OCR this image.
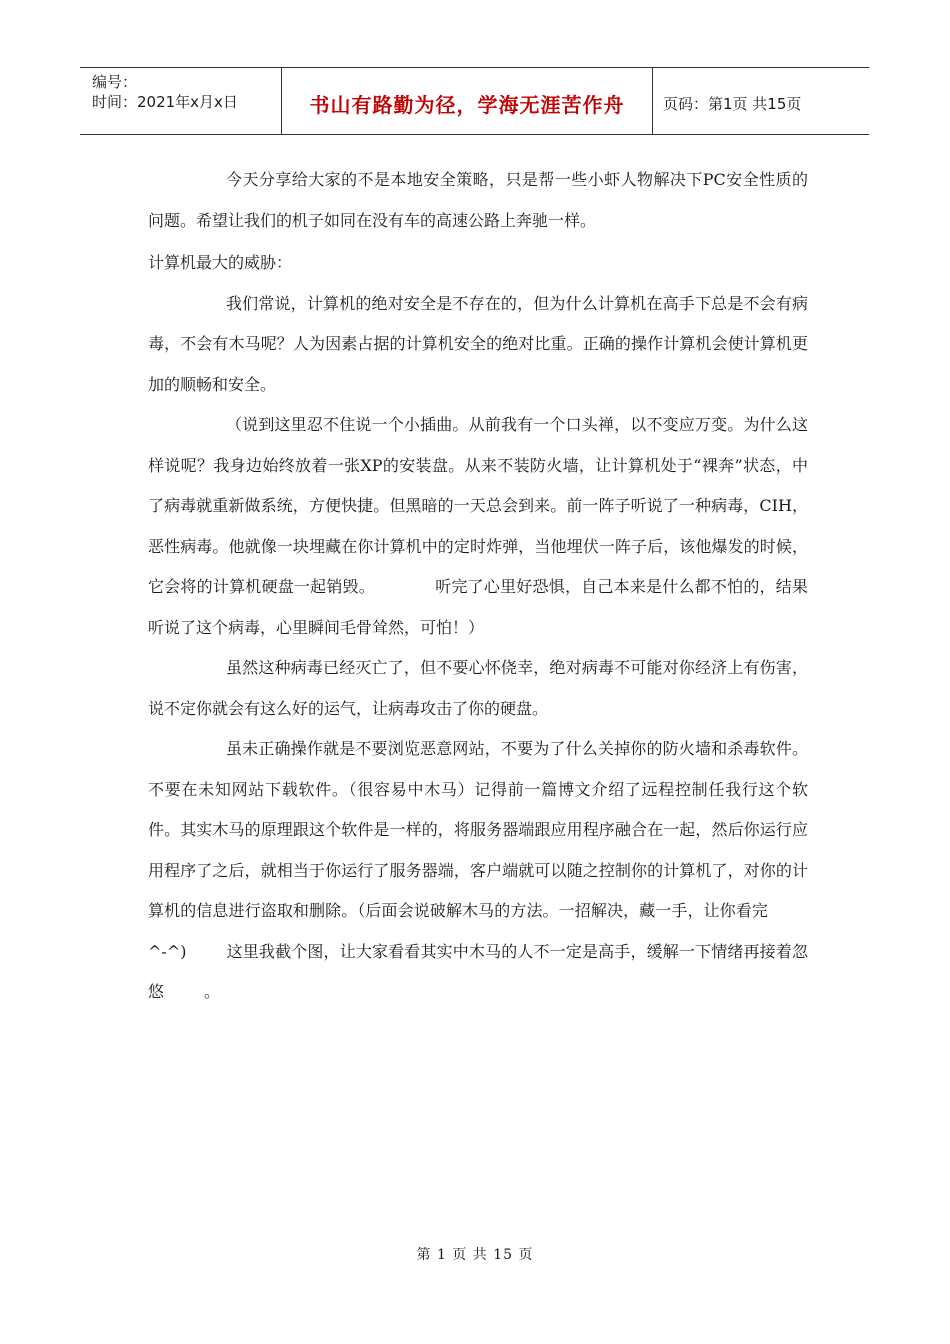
编号：
时间：2021年x月x日	书山有路勤为径，学海无涯苦作舟	页码：第1页 共15页

今天分享给大家的不是本地安全策略，只是帮一些小虾人物解决下PC安全性质的问题。希望让我们的机子如同在没有车的高速公路上奔驰一样。

计算机最大的威胁：

我们常说，计算机的绝对安全是不存在的，但为什么计算机在高手下总是不会有病毒，不会有木马呢？人为因素占据的计算机安全的绝对比重。正确的操作计算机会使计算机更加的顺畅和安全。

（说到这里忍不住说一个小插曲。从前我有一个口头禅，以不变应万变。为什么这样说呢？我身边始终放着一张XP的安装盘。从来不装防火墙，让计算机处于“裸奔”状态，中了病毒就重新做系统，方便快捷。但黑暗的一天总会到来。前一阵子听说了一种病毒，CIH，恶性病毒。他就像一块埋藏在你计算机中的定时炸弹，当他埋伏一阵子后，该他爆发的时候，它会将的计算机硬盘一起销毁。	听完了心里好恐惧，自己本来是什么都不怕的，结果听说了这个病毒，心里瞬间毛骨耸然，可怕！）

虽然这种病毒已经灭亡了，但不要心怀侥幸，绝对病毒不可能对你经济上有伤害，说不定你就会有这么好的运气，让病毒攻击了你的硬盘。

虽未正确操作就是不要浏览恶意网站，不要为了什么关掉你的防火墙和杀毒软件。不要在未知网站下载软件。（很容易中木马）记得前一篇博文介绍了远程控制任我行这个软件。其实木马的原理跟这个软件是一样的，将服务器端跟应用程序融合在一起，然后你运行应用程序了之后，就相当于你运行了服务器端，客户端就可以随之控制你的计算机了，对你的计算机的信息进行盗取和删除。（后面会说破解木马的方法。一招解决，藏一手，让你看完^-^)	这里我截个图，让大家看看其实中木马的人不一定是高手，缓解一下情绪再接着忽悠	。

第 1 页 共 15 页
